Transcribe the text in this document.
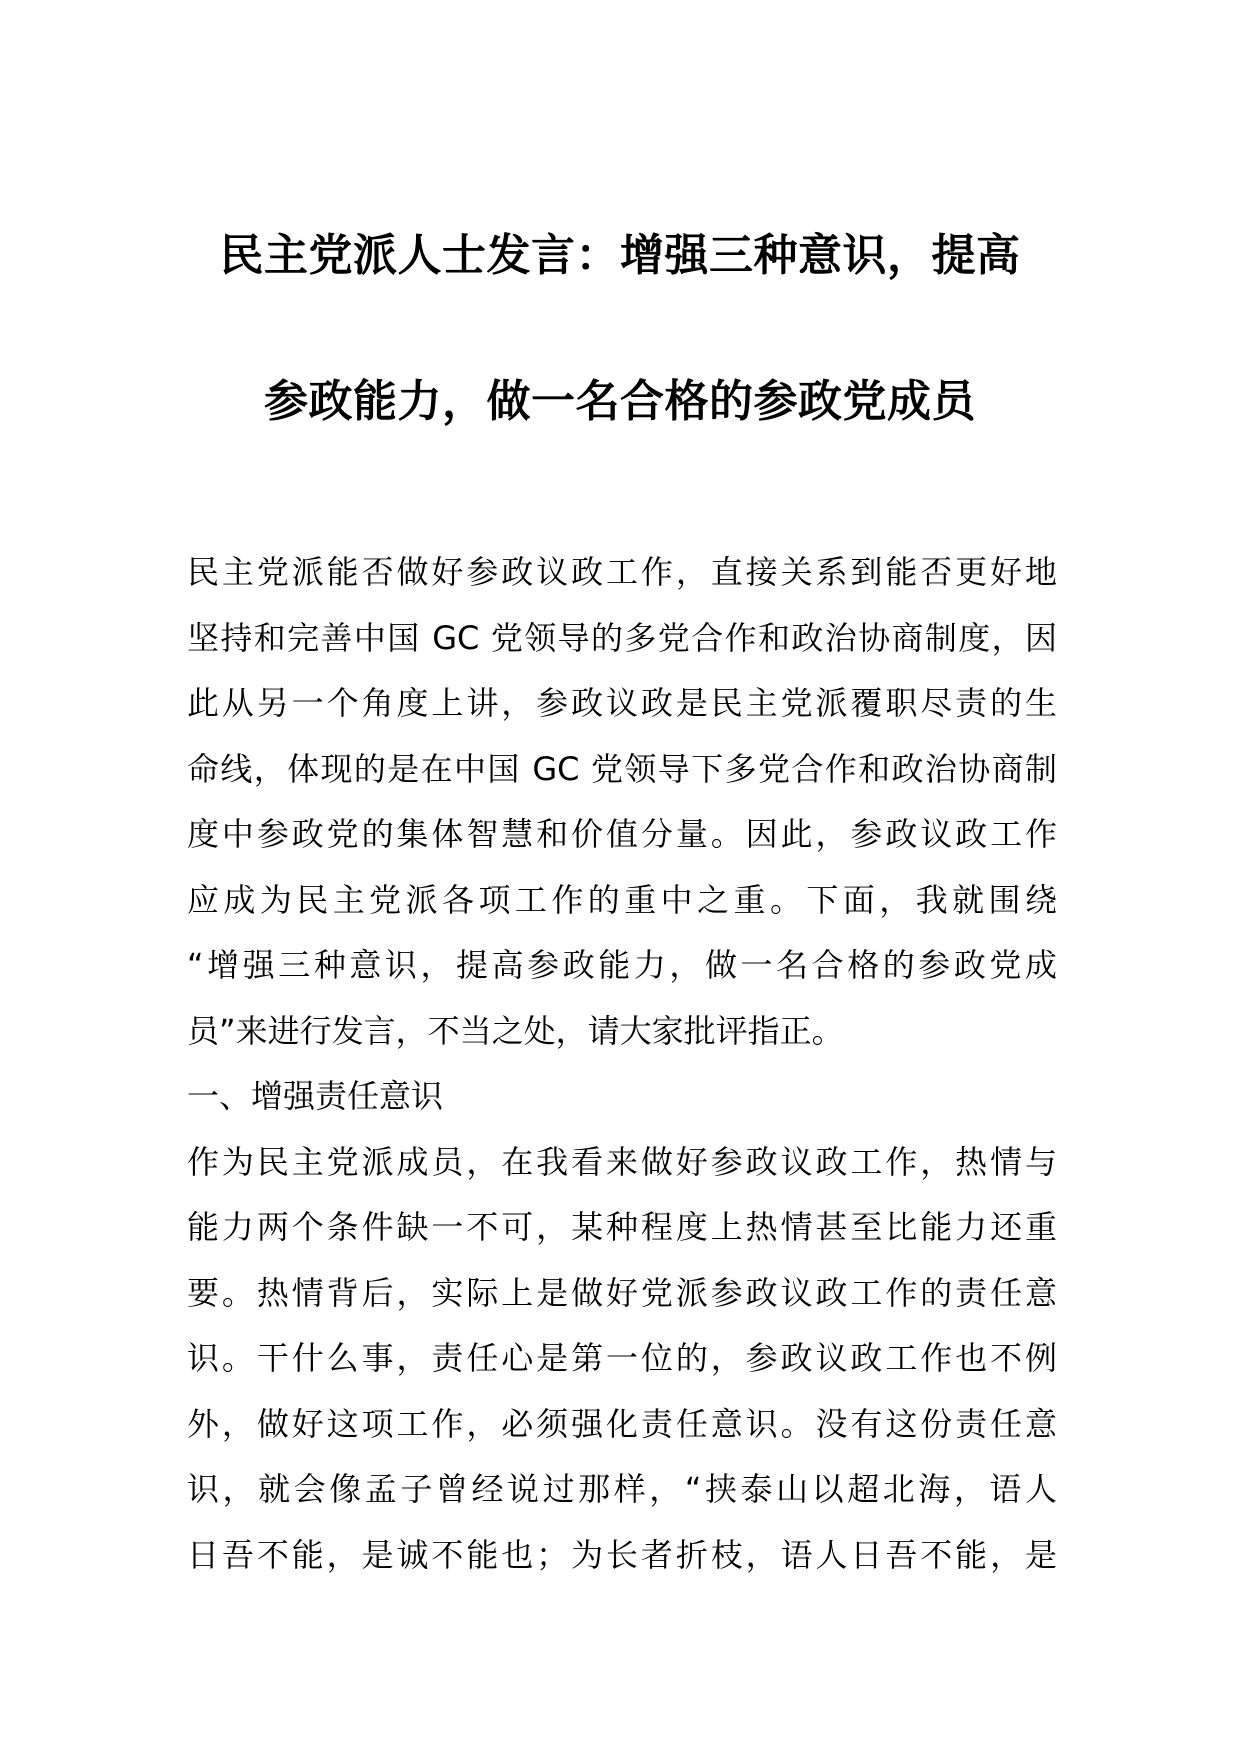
民主党派人士发言：增强三种意识，提高
参政能力，做一名合格的参政党成员
民主党派能否做好参政议政工作，直接关系到能否更好地
坚持和完善中国 GC 党领导的多党合作和政治协商制度，因
此从另一个角度上讲，参政议政是民主党派覆职尽责的生
命线，体现的是在中国 GC 党领导下多党合作和政治协商制
度中参政党的集体智慧和价值分量。因此，参政议政工作
应成为民主党派各项工作的重中之重。下面，我就围绕
“增强三种意识，提高参政能力，做一名合格的参政党成
员”来进行发言，不当之处，请大家批评指正。
一、增强责任意识
作为民主党派成员，在我看来做好参政议政工作，热情与
能力两个条件缺一不可，某种程度上热情甚至比能力还重
要。热情背后，实际上是做好党派参政议政工作的责任意
识。干什么事，责任心是第一位的，参政议政工作也不例
外，做好这项工作，必须强化责任意识。没有这份责任意
识，就会像孟子曾经说过那样，“挟泰山以超北海，语人
日吾不能，是诚不能也；为长者折枝，语人日吾不能，是
